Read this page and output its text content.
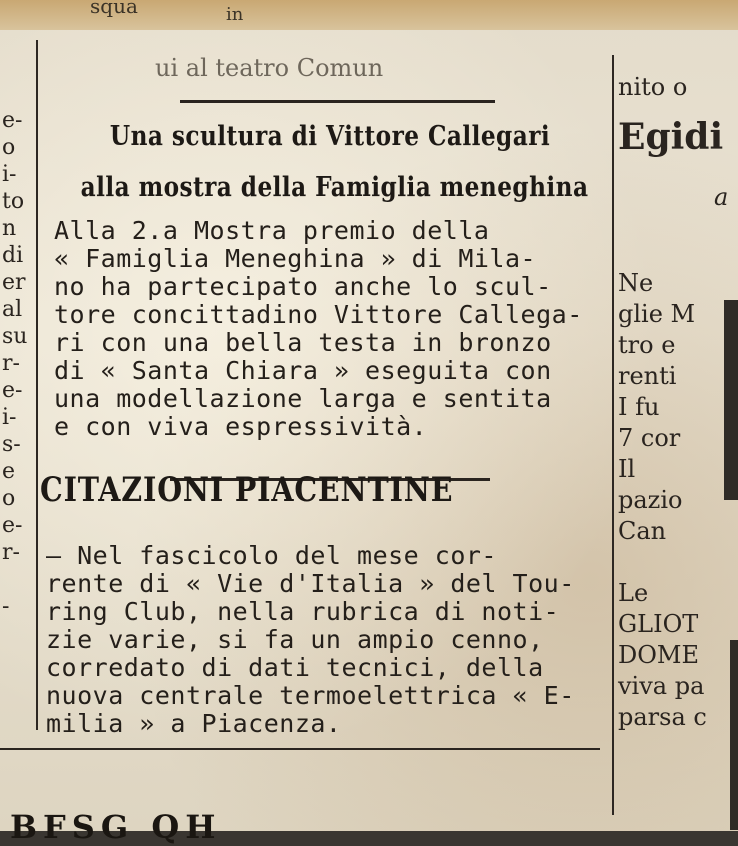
squa	in
e-
o
i-
to
n
di
er
al
su
r-
e-
i-
s-
e
o
e-
r-
-
ui al teatro Comun
Una scultura di Vittore Callegari
alla mostra della Famiglia meneghina
Alla 2.a Mostra premio della
« Famiglia Meneghina » di Mila-
no ha partecipato anche lo scul-
tore concittadino Vittore Callega-
ri con una bella testa in bronzo
di « Santa Chiara » eseguita con
una modellazione larga e sentita
e con viva espressività.
— Nel fascicolo del mese cor-
rente di « Vie d'Italia » del Tou-
ring Club, nella rubrica di noti-
zie varie, si fa un ampio cenno,
corredato di dati tecnici, della
nuova centrale termoelettrica « E-
milia » a Piacenza.
CITAZIONI PIACENTINE
nito o
Egidi
a
Ne
glie M
tro e
renti
I fu
7 cor
Il
pazio
Can
Le
GLIOT
DOME
viva pa
parsa c
BFSG QH
